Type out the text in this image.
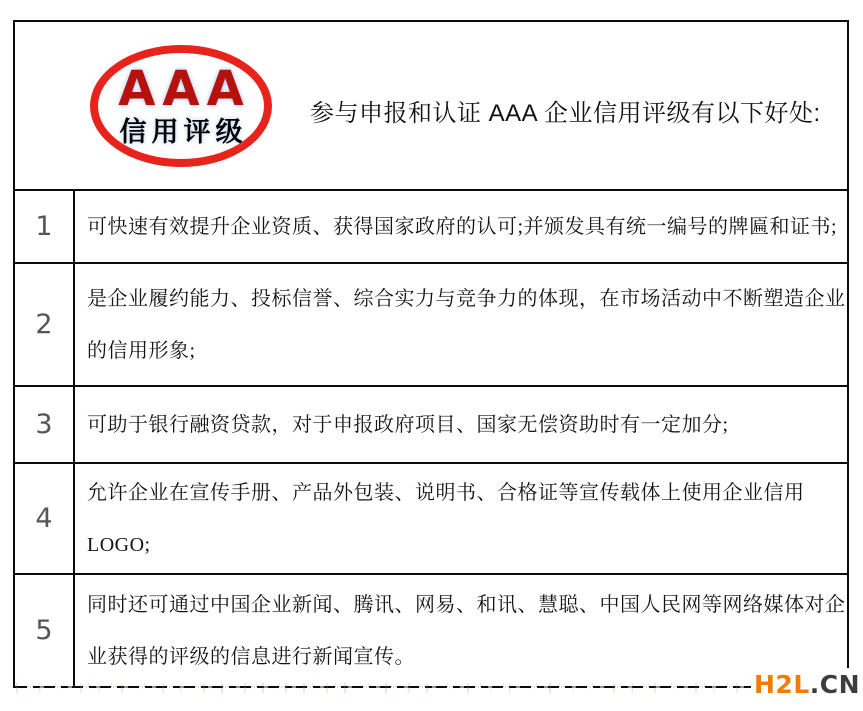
AAA
信用评级
参与申报和认证 AAA 企业信用评级有以下好处:
1	可快速有效提升企业资质、获得国家政府的认可;并颁发具有统一编号的牌匾和证书;
2
是企业履约能力、投标信誉、综合实力与竞争力的体现，在市场活动中不断塑造企业
的信用形象;
3	可助于银行融资贷款，对于申报政府项目、国家无偿资助时有一定加分;
4
允许企业在宣传手册、产品外包装、说明书、合格证等宣传载体上使用企业信用
LOGO;
5
同时还可通过中国企业新闻、腾讯、网易、和讯、慧聪、中国人民网等网络媒体对企
业获得的评级的信息进行新闻宣传。
H2L .CN
